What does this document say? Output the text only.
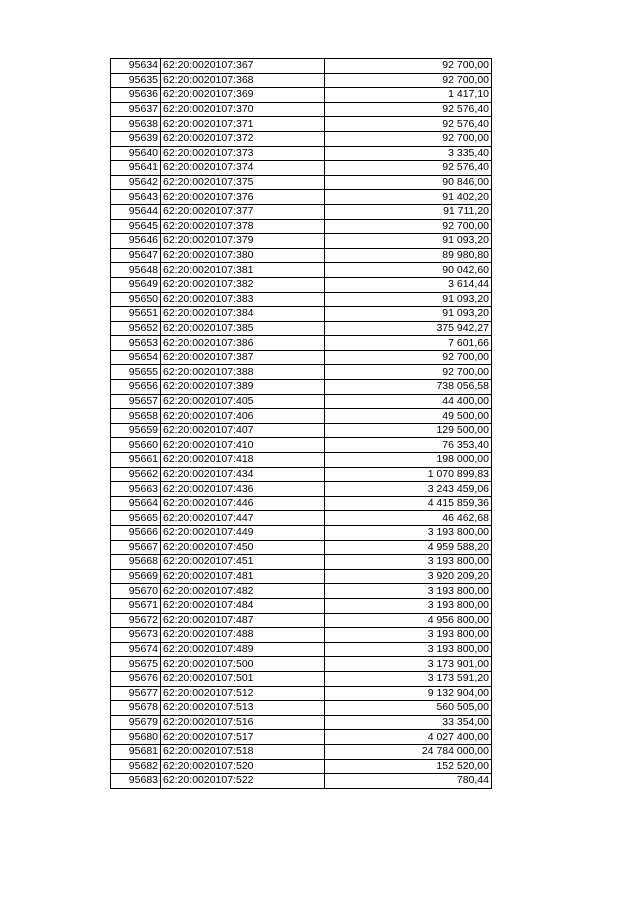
95634	62:20:0020107:367	92 700,00
95635	62:20:0020107:368	92 700,00
95636	62:20:0020107:369	1 417,10
95637	62:20:0020107:370	92 576,40
95638	62:20:0020107:371	92 576,40
95639	62:20:0020107:372	92 700,00
95640	62:20:0020107:373	3 335,40
95641	62:20:0020107:374	92 576,40
95642	62:20:0020107:375	90 846,00
95643	62:20:0020107:376	91 402,20
95644	62:20:0020107:377	91 711,20
95645	62:20:0020107:378	92 700,00
95646	62:20:0020107:379	91 093,20
95647	62:20:0020107:380	89 980,80
95648	62:20:0020107:381	90 042,60
95649	62:20:0020107:382	3 614,44
95650	62:20:0020107:383	91 093,20
95651	62:20:0020107:384	91 093,20
95652	62:20:0020107:385	375 942,27
95653	62:20:0020107:386	7 601,66
95654	62:20:0020107:387	92 700,00
95655	62:20:0020107:388	92 700,00
95656	62:20:0020107:389	738 056,58
95657	62:20:0020107:405	44 400,00
95658	62:20:0020107:406	49 500,00
95659	62:20:0020107:407	129 500,00
95660	62:20:0020107:410	76 353,40
95661	62:20:0020107:418	198 000,00
95662	62:20:0020107:434	1 070 899,83
95663	62:20:0020107:436	3 243 459,06
95664	62:20:0020107:446	4 415 859,36
95665	62:20:0020107:447	46 462,68
95666	62:20:0020107:449	3 193 800,00
95667	62:20:0020107:450	4 959 588,20
95668	62:20:0020107:451	3 193 800,00
95669	62:20:0020107:481	3 920 209,20
95670	62:20:0020107:482	3 193 800,00
95671	62:20:0020107:484	3 193 800,00
95672	62:20:0020107:487	4 956 800,00
95673	62:20:0020107:488	3 193 800,00
95674	62:20:0020107:489	3 193 800,00
95675	62:20:0020107:500	3 173 901,00
95676	62:20:0020107:501	3 173 591,20
95677	62:20:0020107:512	9 132 904,00
95678	62:20:0020107:513	560 505,00
95679	62:20:0020107:516	33 354,00
95680	62:20:0020107:517	4 027 400,00
95681	62:20:0020107:518	24 784 000,00
95682	62:20:0020107:520	152 520,00
95683	62:20:0020107:522	780,44
